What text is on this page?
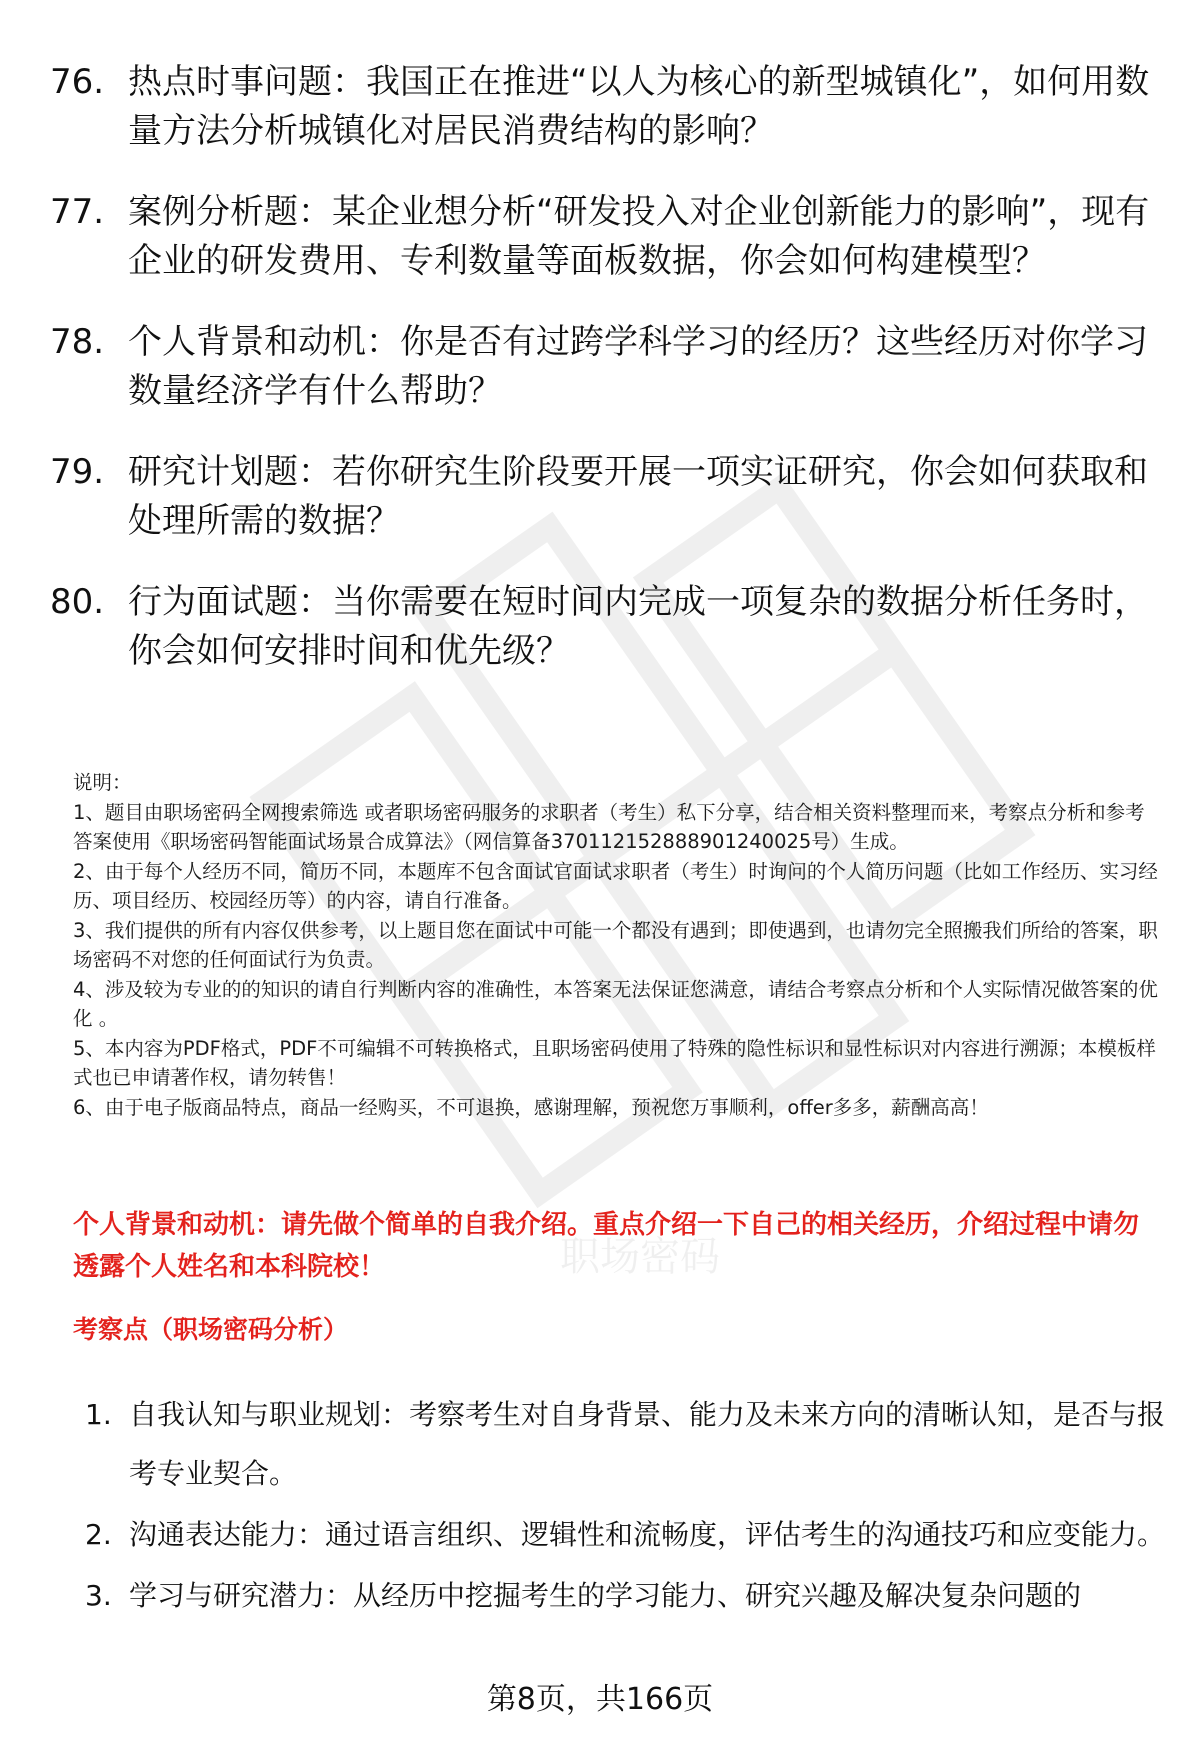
职场密码
76. 热点时事问题：我国正在推进“以人为核心的新型城镇化”，如何用数量方法分析城镇化对居民消费结构的影响？
77. 案例分析题：某企业想分析“研发投入对企业创新能力的影响”，现有企业的研发费用、专利数量等面板数据，你会如何构建模型？
78. 个人背景和动机：你是否有过跨学科学习的经历？这些经历对你学习数量经济学有什么帮助？
79. 研究计划题：若你研究生阶段要开展一项实证研究，你会如何获取和处理所需的数据？
80. 行为面试题：当你需要在短时间内完成一项复杂的数据分析任务时，你会如何安排时间和优先级？

说明：

1、题目由职场密码全网搜索筛选 或者职场密码服务的求职者（考生）私下分享，结合相关资料整理而来，考察点分析和参考答案使用《职场密码智能面试场景合成算法》（网信算备370112152888901240025号）生成。

2、由于每个人经历不同，简历不同，本题库不包含面试官面试求职者（考生）时询问的个人简历问题（比如工作经历、实习经历、项目经历、校园经历等）的内容，请自行准备。

3、我们提供的所有内容仅供参考，以上题目您在面试中可能一个都没有遇到；即使遇到，也请勿完全照搬我们所给的答案，职场密码不对您的任何面试行为负责。

4、涉及较为专业的的知识的请自行判断内容的准确性，本答案无法保证您满意，请结合考察点分析和个人实际情况做答案的优化 。

5、本内容为PDF格式，PDF不可编辑不可转换格式，且职场密码使用了特殊的隐性标识和显性标识对内容进行溯源；本模板样式也已申请著作权，请勿转售！

6、由于电子版商品特点，商品一经购买，不可退换，感谢理解，预祝您万事顺利，offer多多，薪酬高高！

个人背景和动机：请先做个简单的自我介绍。重点介绍一下自己的相关经历，介绍过程中请勿透露个人姓名和本科院校！
考察点（职场密码分析）
1. 自我认知与职业规划：考察考生对自身背景、能力及未来方向的清晰认知，是否与报考专业契合。
2. 沟通表达能力：通过语言组织、逻辑性和流畅度，评估考生的沟通技巧和应变能力。
3. 学习与研究潜力：从经历中挖掘考生的学习能力、研究兴趣及解决复杂问题的
第8页，共166页
